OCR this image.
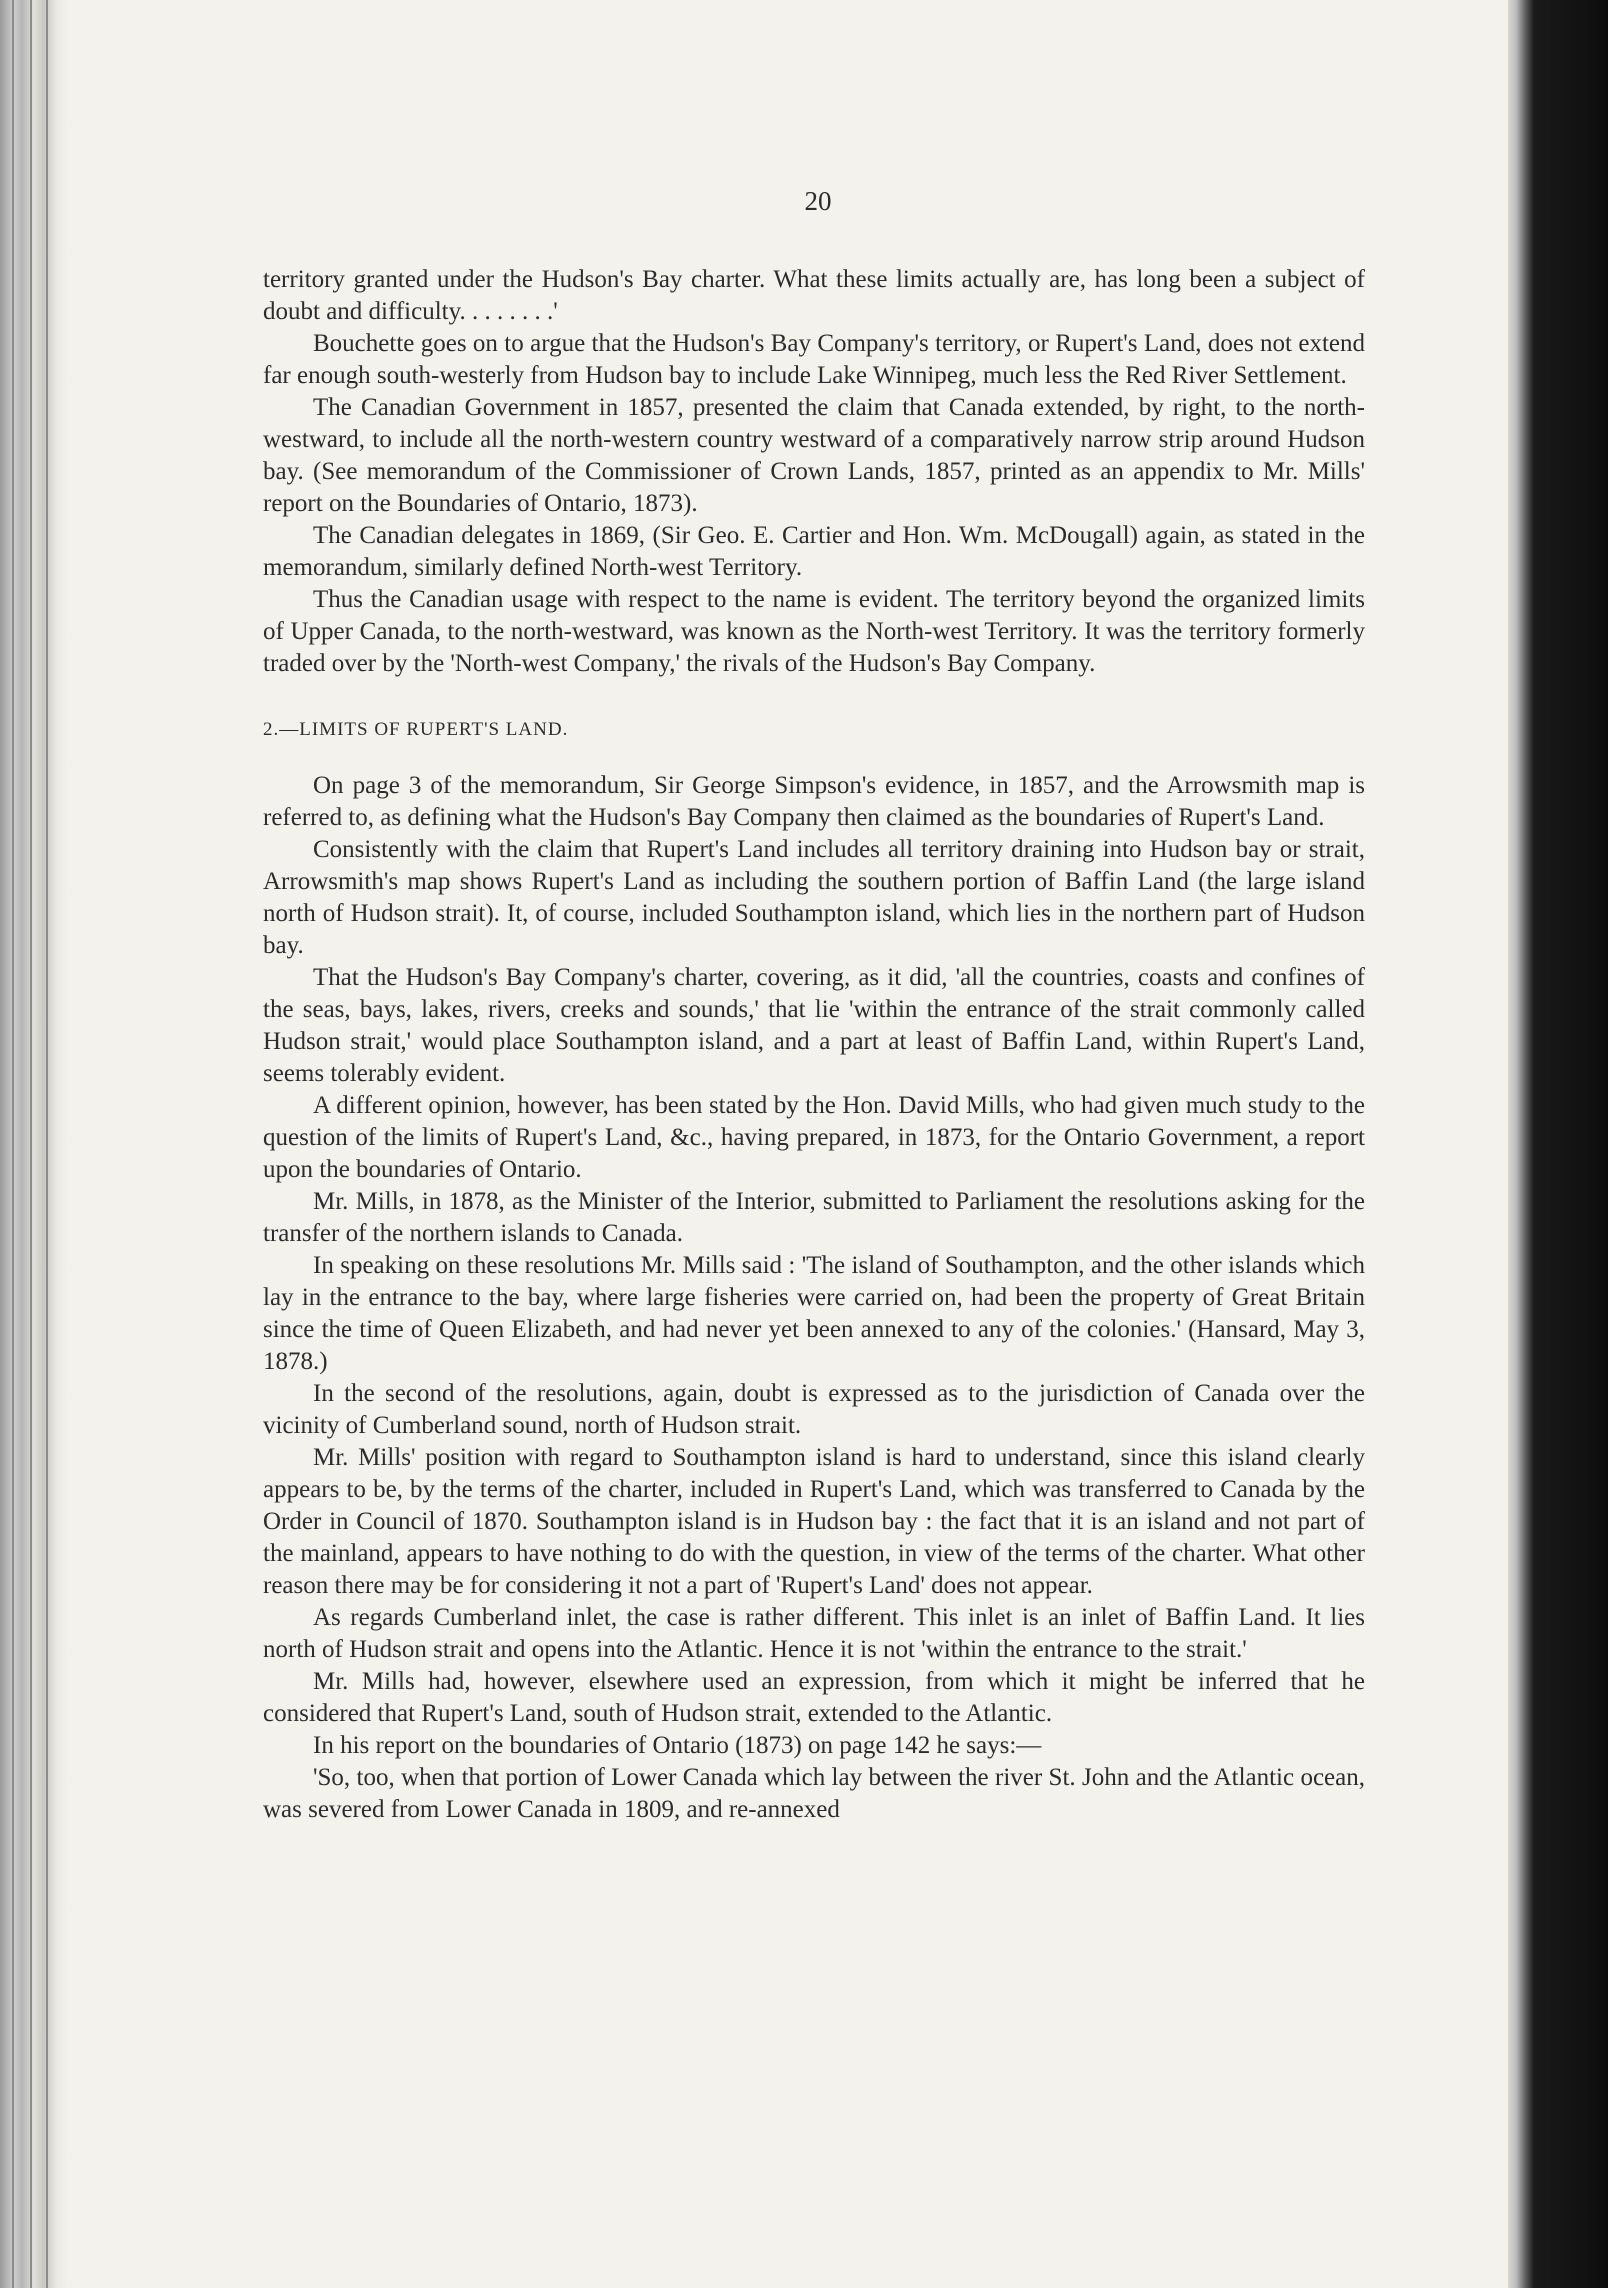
20

territory granted under the Hudson's Bay charter. What these limits actually are, has long been a subject of doubt and difficulty. . . . . . . .'

Bouchette goes on to argue that the Hudson's Bay Company's territory, or Rupert's Land, does not extend far enough south-westerly from Hudson bay to include Lake Winnipeg, much less the Red River Settlement.

The Canadian Government in 1857, presented the claim that Canada extended, by right, to the north-westward, to include all the north-western country westward of a comparatively narrow strip around Hudson bay. (See memorandum of the Commissioner of Crown Lands, 1857, printed as an appendix to Mr. Mills' report on the Boundaries of Ontario, 1873).

The Canadian delegates in 1869, (Sir Geo. E. Cartier and Hon. Wm. McDougall) again, as stated in the memorandum, similarly defined North-west Territory.

Thus the Canadian usage with respect to the name is evident. The territory beyond the organized limits of Upper Canada, to the north-westward, was known as the North-west Territory. It was the territory formerly traded over by the 'North-west Company,' the rivals of the Hudson's Bay Company.

2.—LIMITS OF RUPERT'S LAND.

On page 3 of the memorandum, Sir George Simpson's evidence, in 1857, and the Arrowsmith map is referred to, as defining what the Hudson's Bay Company then claimed as the boundaries of Rupert's Land.

Consistently with the claim that Rupert's Land includes all territory draining into Hudson bay or strait, Arrowsmith's map shows Rupert's Land as including the southern portion of Baffin Land (the large island north of Hudson strait). It, of course, included Southampton island, which lies in the northern part of Hudson bay.

That the Hudson's Bay Company's charter, covering, as it did, 'all the countries, coasts and confines of the seas, bays, lakes, rivers, creeks and sounds,' that lie 'within the entrance of the strait commonly called Hudson strait,' would place Southampton island, and a part at least of Baffin Land, within Rupert's Land, seems tolerably evident.

A different opinion, however, has been stated by the Hon. David Mills, who had given much study to the question of the limits of Rupert's Land, &c., having prepared, in 1873, for the Ontario Government, a report upon the boundaries of Ontario.

Mr. Mills, in 1878, as the Minister of the Interior, submitted to Parliament the resolutions asking for the transfer of the northern islands to Canada.

In speaking on these resolutions Mr. Mills said : 'The island of Southampton, and the other islands which lay in the entrance to the bay, where large fisheries were carried on, had been the property of Great Britain since the time of Queen Elizabeth, and had never yet been annexed to any of the colonies.' (Hansard, May 3, 1878.)

In the second of the resolutions, again, doubt is expressed as to the jurisdiction of Canada over the vicinity of Cumberland sound, north of Hudson strait.

Mr. Mills' position with regard to Southampton island is hard to understand, since this island clearly appears to be, by the terms of the charter, included in Rupert's Land, which was transferred to Canada by the Order in Council of 1870. Southampton island is in Hudson bay : the fact that it is an island and not part of the mainland, appears to have nothing to do with the question, in view of the terms of the charter. What other reason there may be for considering it not a part of 'Rupert's Land' does not appear.

As regards Cumberland inlet, the case is rather different. This inlet is an inlet of Baffin Land. It lies north of Hudson strait and opens into the Atlantic. Hence it is not 'within the entrance to the strait.'

Mr. Mills had, however, elsewhere used an expression, from which it might be inferred that he considered that Rupert's Land, south of Hudson strait, extended to the Atlantic.

In his report on the boundaries of Ontario (1873) on page 142 he says:—

'So, too, when that portion of Lower Canada which lay between the river St. John and the Atlantic ocean, was severed from Lower Canada in 1809, and re-annexed
